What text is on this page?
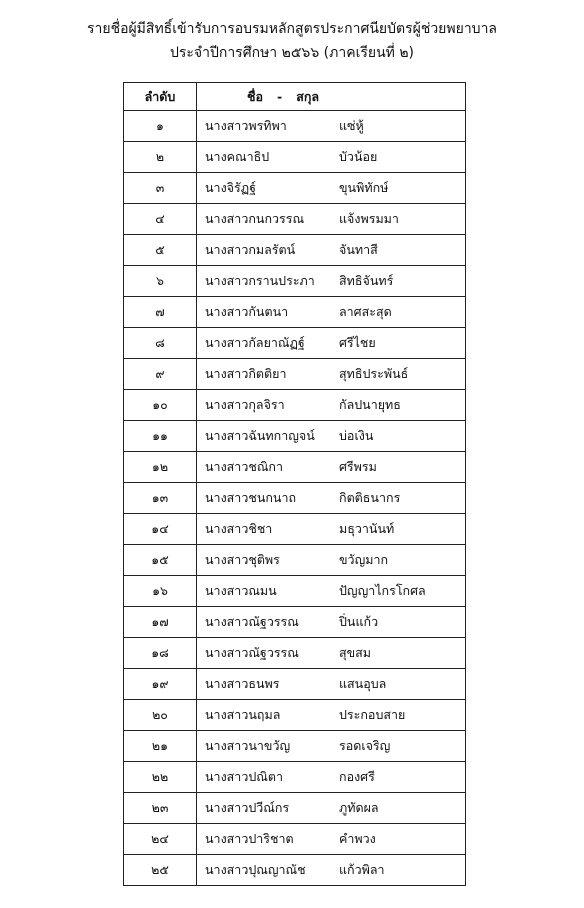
รายชื่อผู้มีสิทธิ์เข้ารับการอบรมหลักสูตรประกาศนียบัตรผู้ช่วยพยาบาล
ประจำปีการศึกษา ๒๕๖๖ (ภาคเรียนที่ ๒)
ลำดับ	ชื่อ - สกุล
๑	นางสาวพรทิพา แซ่หู้
๒	นางคณาธิป บัวน้อย
๓	นางจิรัฏฐ์ ขุนพิทักษ์
๔	นางสาวกนกวรรณ แจ้งพรมมา
๕	นางสาวกมลรัตน์ จันทาสี
๖	นางสาวกรานประภา สิทธิจันทร์
๗	นางสาวกันตนา ลาศสะสุด
๘	นางสาวกัลยาณัฏฐ์ ศรีไชย
๙	นางสาวกิตติยา สุทธิประพันธ์
๑๐	นางสาวกุลจิรา กัลปนายุทธ
๑๑	นางสาวฉันทกาญจน์ บ่อเงิน
๑๒	นางสาวชณิกา ศรีพรม
๑๓	นางสาวชนกนาถ กิตติธนากร
๑๔	นางสาวชิชา มธุวานันท์
๑๕	นางสาวชุติพร ขวัญมาก
๑๖	นางสาวณมน ปัญญาไกรโกศล
๑๗	นางสาวณัฐวรรณ ปิ่นแก้ว
๑๘	นางสาวณัฐวรรณ สุขสม
๑๙	นางสาวธนพร แสนอุบล
๒๐	นางสาวนฤมล ประกอบสาย
๒๑	นางสาวนาขวัญ รอดเจริญ
๒๒	นางสาวปณิตา กองศรี
๒๓	นางสาวปวีณ์กร ภูทัดผล
๒๔	นางสาวปาริชาต คำพวง
๒๕	นางสาวปุณญาณัช แก้วพิลา
